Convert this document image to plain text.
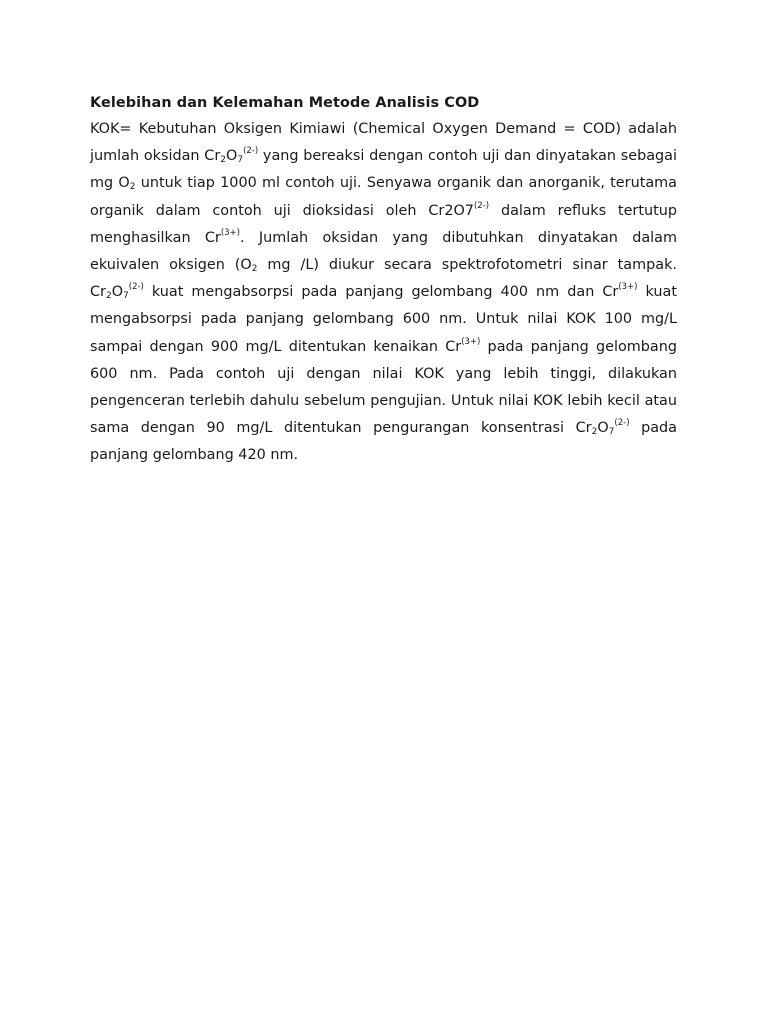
Kelebihan dan Kelemahan Metode Analisis COD

KOK= Kebutuhan Oksigen Kimiawi (Chemical Oxygen Demand = COD) adalah jumlah oksidan $Cr_2O_7^{(2-)}$ yang bereaksi dengan contoh uji dan dinyatakan sebagai mg $O_2$ untuk tiap 1000 ml contoh uji. Senyawa organik dan anorganik, terutama organik dalam contoh uji dioksidasi oleh $Cr2O7^{(2-)}$ dalam refluks tertutup menghasilkan $Cr^{(3+)}$. Jumlah oksidan yang dibutuhkan dinyatakan dalam ekuivalen oksigen ($O_2$ mg /L) diukur secara spektrofotometri sinar tampak. $Cr_2O_7^{(2-)}$ kuat mengabsorpsi pada panjang gelombang 400 nm dan $Cr^{(3+)}$ kuat mengabsorpsi pada panjang gelombang 600 nm. Untuk nilai KOK 100 mg/L sampai dengan 900 mg/L ditentukan kenaikan $Cr^{(3+)}$ pada panjang gelombang 600 nm. Pada contoh uji dengan nilai KOK yang lebih tinggi, dilakukan pengenceran terlebih dahulu sebelum pengujian. Untuk nilai KOK lebih kecil atau sama dengan 90 mg/L ditentukan pengurangan konsentrasi $Cr_2O_7^{(2-)}$ pada panjang gelombang 420 nm.
